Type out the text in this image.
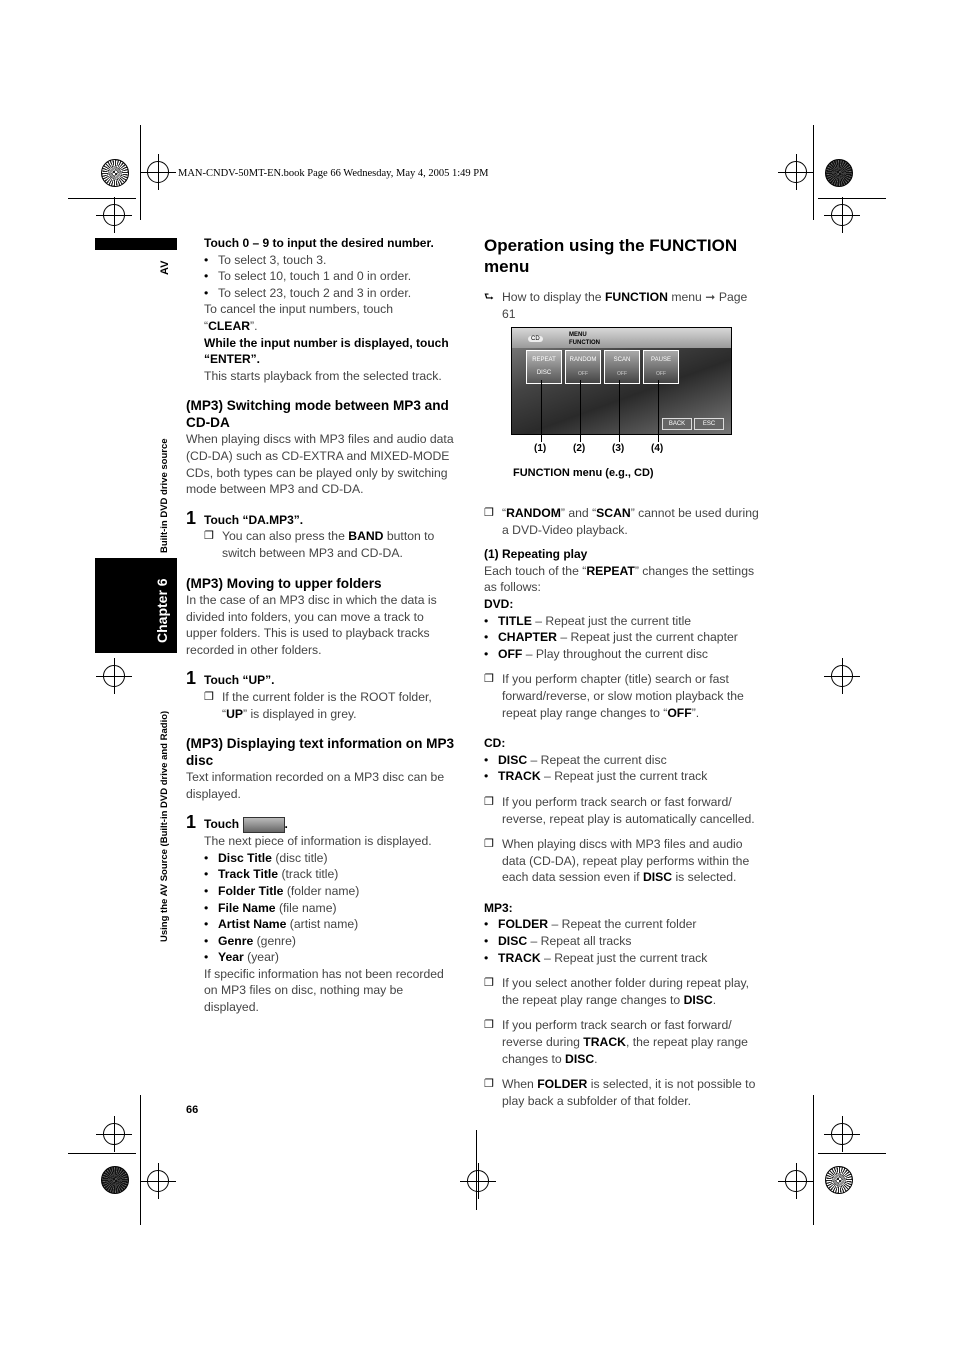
MAN-CNDV-50MT-EN.book Page 66 Wednesday, May 4, 2005 1:49 PM
AV
Built-in DVD drive source
Chapter 6
Using the AV Source (Built-in DVD drive and Radio)
66

Touch 0 – 9 to input the desired number.

• To select 3, touch 3.

• To select 10, touch 1 and 0 in order.

• To select 23, touch 2 and 3 in order.

To cancel the input numbers, touch
“CLEAR”.

While the input number is displayed, touch “ENTER”.

This starts playback from the selected track.

(MP3) Switching mode between MP3 and CD-DA

When playing discs with MP3 files and audio data (CD-DA) such as CD-EXTRA and MIXED-MODE CDs, both types can be played only by switching mode between MP3 and CD-DA.

1 Touch “DA.MP3”.

❐ You can also press the BAND button to switch between MP3 and CD-DA.

(MP3) Moving to upper folders

In the case of an MP3 disc in which the data is divided into folders, you can move a track to upper folders. This is used to playback tracks recorded in other folders.

1 Touch “UP”.

❐ If the current folder is the ROOT folder,
“UP” is displayed in grey.

(MP3) Displaying text information on MP3 disc

Text information recorded on a MP3 disc can be displayed.

1 Touch	.

The next piece of information is displayed.

• Disc Title (disc title)

• Track Title (track title)

• Folder Title (folder name)

• File Name (file name)

• Artist Name (artist name)

• Genre (genre)

• Year (year)

If specific information has not been recorded on MP3 files on disc, nothing may be displayed.

Operation using the FUNCTION menu

⮑ How to display the FUNCTION menu ➞ Page 61

CD
MENU
FUNCTION
REPEAT
DISC
RANDOM
OFF
SCAN
OFF
PAUSE
OFF
BACK	ESC
(1)	(2)	(3)	(4)
FUNCTION menu (e.g., CD)

❐ “RANDOM” and “SCAN” cannot be used during a DVD-Video playback.

(1) Repeating play

Each touch of the “REPEAT” changes the settings as follows:

DVD:

• TITLE – Repeat just the current title

• CHAPTER – Repeat just the current chapter

• OFF – Play throughout the current disc

❐ If you perform chapter (title) search or fast forward/reverse, or slow motion playback the repeat play range changes to “OFF”.

CD:

• DISC – Repeat the current disc

• TRACK – Repeat just the current track

❐ If you perform track search or fast forward/ reverse, repeat play is automatically cancelled.

❐ When playing discs with MP3 files and audio data (CD-DA), repeat play performs within the each data session even if DISC is selected.

MP3:

• FOLDER – Repeat the current folder

• DISC – Repeat all tracks

• TRACK – Repeat just the current track

❐ If you select another folder during repeat play, the repeat play range changes to DISC.

❐ If you perform track search or fast forward/ reverse during TRACK, the repeat play range changes to DISC.

❐ When FOLDER is selected, it is not possible to play back a subfolder of that folder.
